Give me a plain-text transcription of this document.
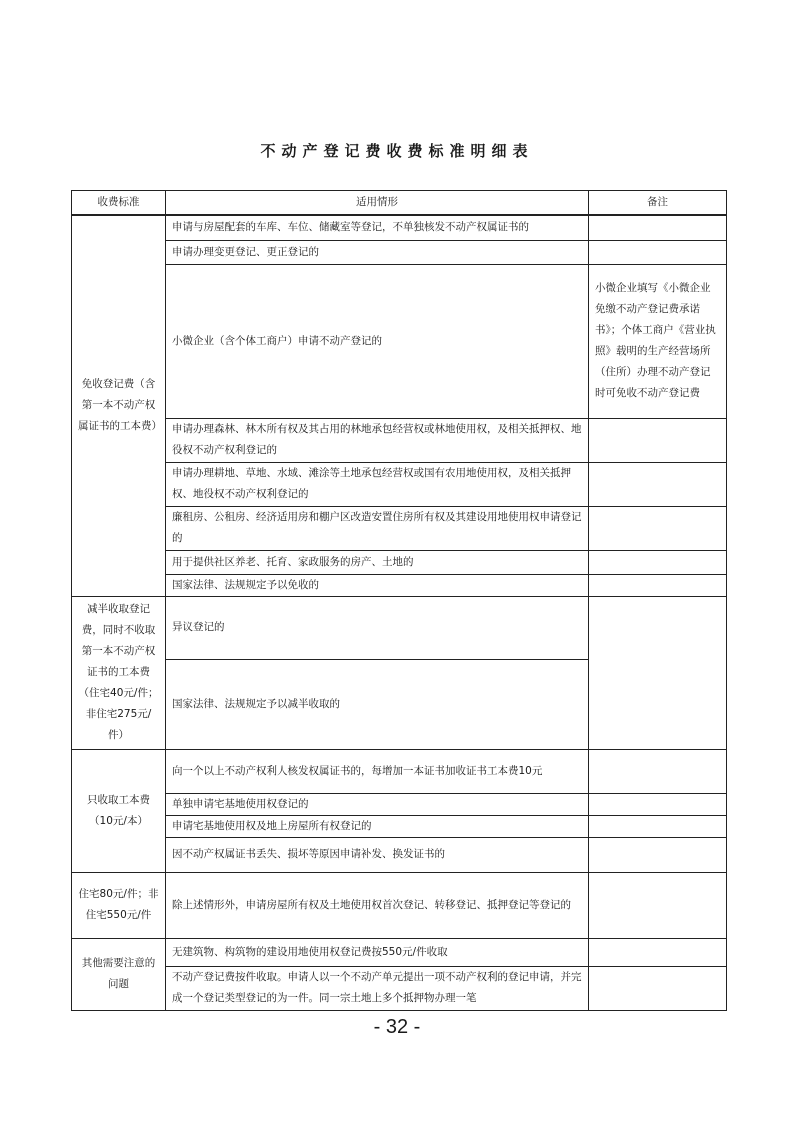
不动产登记费收费标准明细表
收费标准	适用情形	备注
免收登记费（含第一本不动产权属证书的工本费）	申请与房屋配套的车库、车位、储藏室等登记，不单独核发不动产权属证书的	
	申请办理变更登记、更正登记的	
	小微企业（含个体工商户）申请不动产登记的	小微企业填写《小微企业免缴不动产登记费承诺书》；个体工商户《营业执照》载明的生产经营场所（住所）办理不动产登记时可免收不动产登记费
	申请办理森林、林木所有权及其占用的林地承包经营权或林地使用权，及相关抵押权、地役权不动产权利登记的	
	申请办理耕地、草地、水域、滩涂等土地承包经营权或国有农用地使用权，及相关抵押权、地役权不动产权利登记的	
	廉租房、公租房、经济适用房和棚户区改造安置住房所有权及其建设用地使用权申请登记的	
	用于提供社区养老、托育、家政服务的房产、土地的	
	国家法律、法规规定予以免收的	
减半收取登记费，同时不收取第一本不动产权证书的工本费（住宅40元/件；非住宅275元/件）	异议登记的	
	国家法律、法规规定予以减半收取的	
只收取工本费（10元/本）	向一个以上不动产权利人核发权属证书的，每增加一本证书加收证书工本费10元	
	单独申请宅基地使用权登记的	
	申请宅基地使用权及地上房屋所有权登记的	
	因不动产权属证书丢失、损坏等原因申请补发、换发证书的	
住宅80元/件；非住宅550元/件	除上述情形外，申请房屋所有权及土地使用权首次登记、转移登记、抵押登记等登记的	
其他需要注意的问题	无建筑物、构筑物的建设用地使用权登记费按550元/件收取	
	不动产登记费按件收取。申请人以一个不动产单元提出一项不动产权利的登记申请，并完成一个登记类型登记的为一件。同一宗土地上多个抵押物办理一笔	
- 32 -
